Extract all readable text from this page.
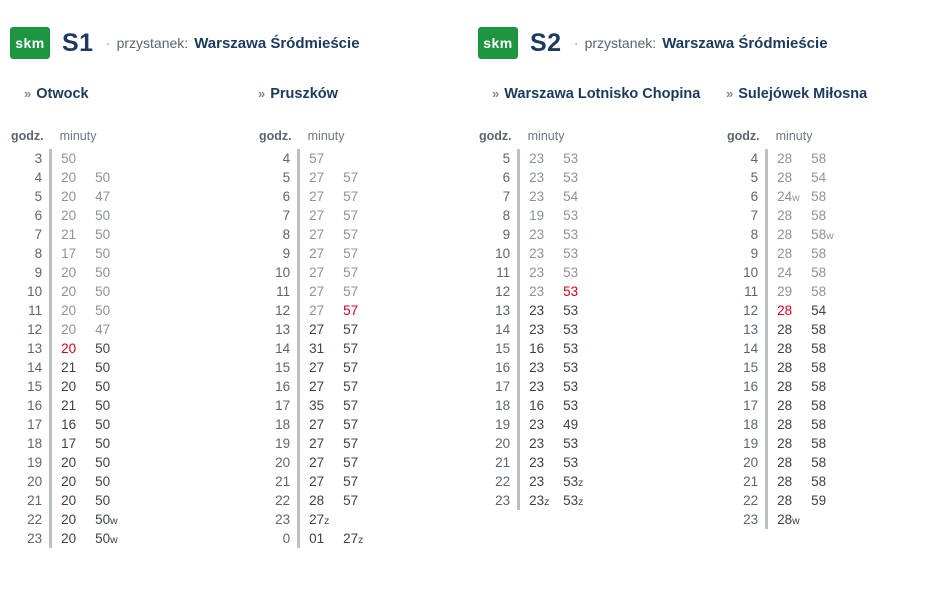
skm S1 · przystanek: Warszawa Śródmieście
» Otwock	» Pruszków
godz.	minuty
3	50
4	20 50
5	20 47
6	20 50
7	21 50
8	17 50
9	20 50
10	20 50
11	20 50
12	20 47
13	20 50
14	21 50
15	20 50
16	21 50
17	16 50
18	17 50
19	20 50
20	20 50
21	20 50
22	20 50w
23	20 50w
godz.	minuty
4	57
5	27 57
6	27 57
7	27 57
8	27 57
9	27 57
10	27 57
11	27 57
12	27 57
13	27 57
14	31 57
15	27 57
16	27 57
17	35 57
18	27 57
19	27 57
20	27 57
21	27 57
22	28 57
23	27z
0	01 27z
skm S2 · przystanek: Warszawa Śródmieście
» Warszawa Lotnisko Chopina » Sulejówek Miłosna
godz.	minuty
5	23 53
6	23 53
7	23 54
8	19 53
9	23 53
10	23 53
11	23 53
12	23 53
13	23 53
14	23 53
15	16 53
16	23 53
17	23 53
18	16 53
19	23 49
20	23 53
21	23 53
22	23 53z
23	23z 53z
godz.	minuty
4	28 58
5	28 54
6	24w 58
7	28 58
8	28 58w
9	28 58
10	24 58
11	29 58
12	28 54
13	28 58
14	28 58
15	28 58
16	28 58
17	28 58
18	28 58
19	28 58
20	28 58
21	28 58
22	28 59
23	28w
